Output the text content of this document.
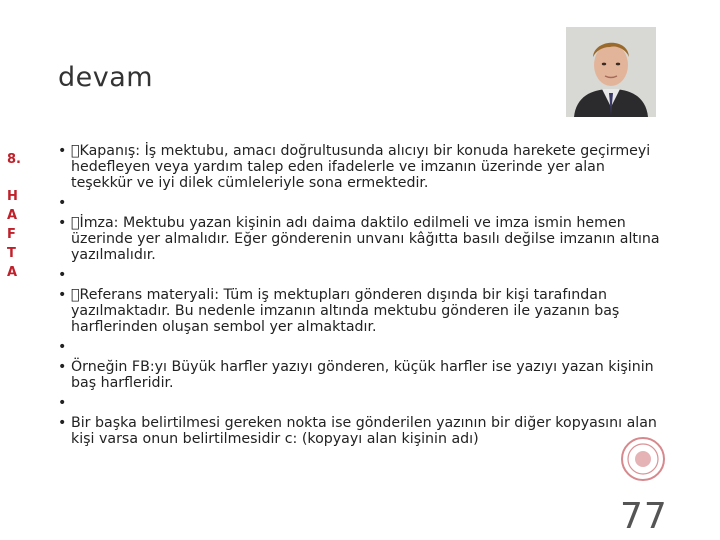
devam
8.
H
A
F
T
A
•  Kapanış: İş mektubu, amacı doğrultusunda alıcıyı bir konuda harekete geçirmeyi hedefleyen veya yardım talep eden ifadelerle ve imzanın üzerinde yer alan teşekkür ve iyi dilek cümleleriyle sona ermektedir.
•
•  İmza: Mektubu yazan kişinin adı daima daktilo edilmeli ve imza ismin hemen üzerinde yer almalıdır. Eğer gönderenin unvanı kâğıtta basılı değilse imzanın altına yazılmalıdır.
•
•  Referans materyali: Tüm iş mektupları gönderen dışında bir kişi tarafından yazılmaktadır. Bu nedenle imzanın altında mektubu gönderen ile yazanın baş harflerinden oluşan sembol yer almaktadır.
•
• Örneğin FB:yı Büyük harfler yazıyı gönderen, küçük harfler ise yazıyı yazan kişinin baş harfleridir.
•
• Bir başka belirtilmesi gereken nokta ise gönderilen yazının bir diğer kopyasını alan kişi varsa onun belirtilmesidir c: (kopyayı alan kişinin adı)
77
